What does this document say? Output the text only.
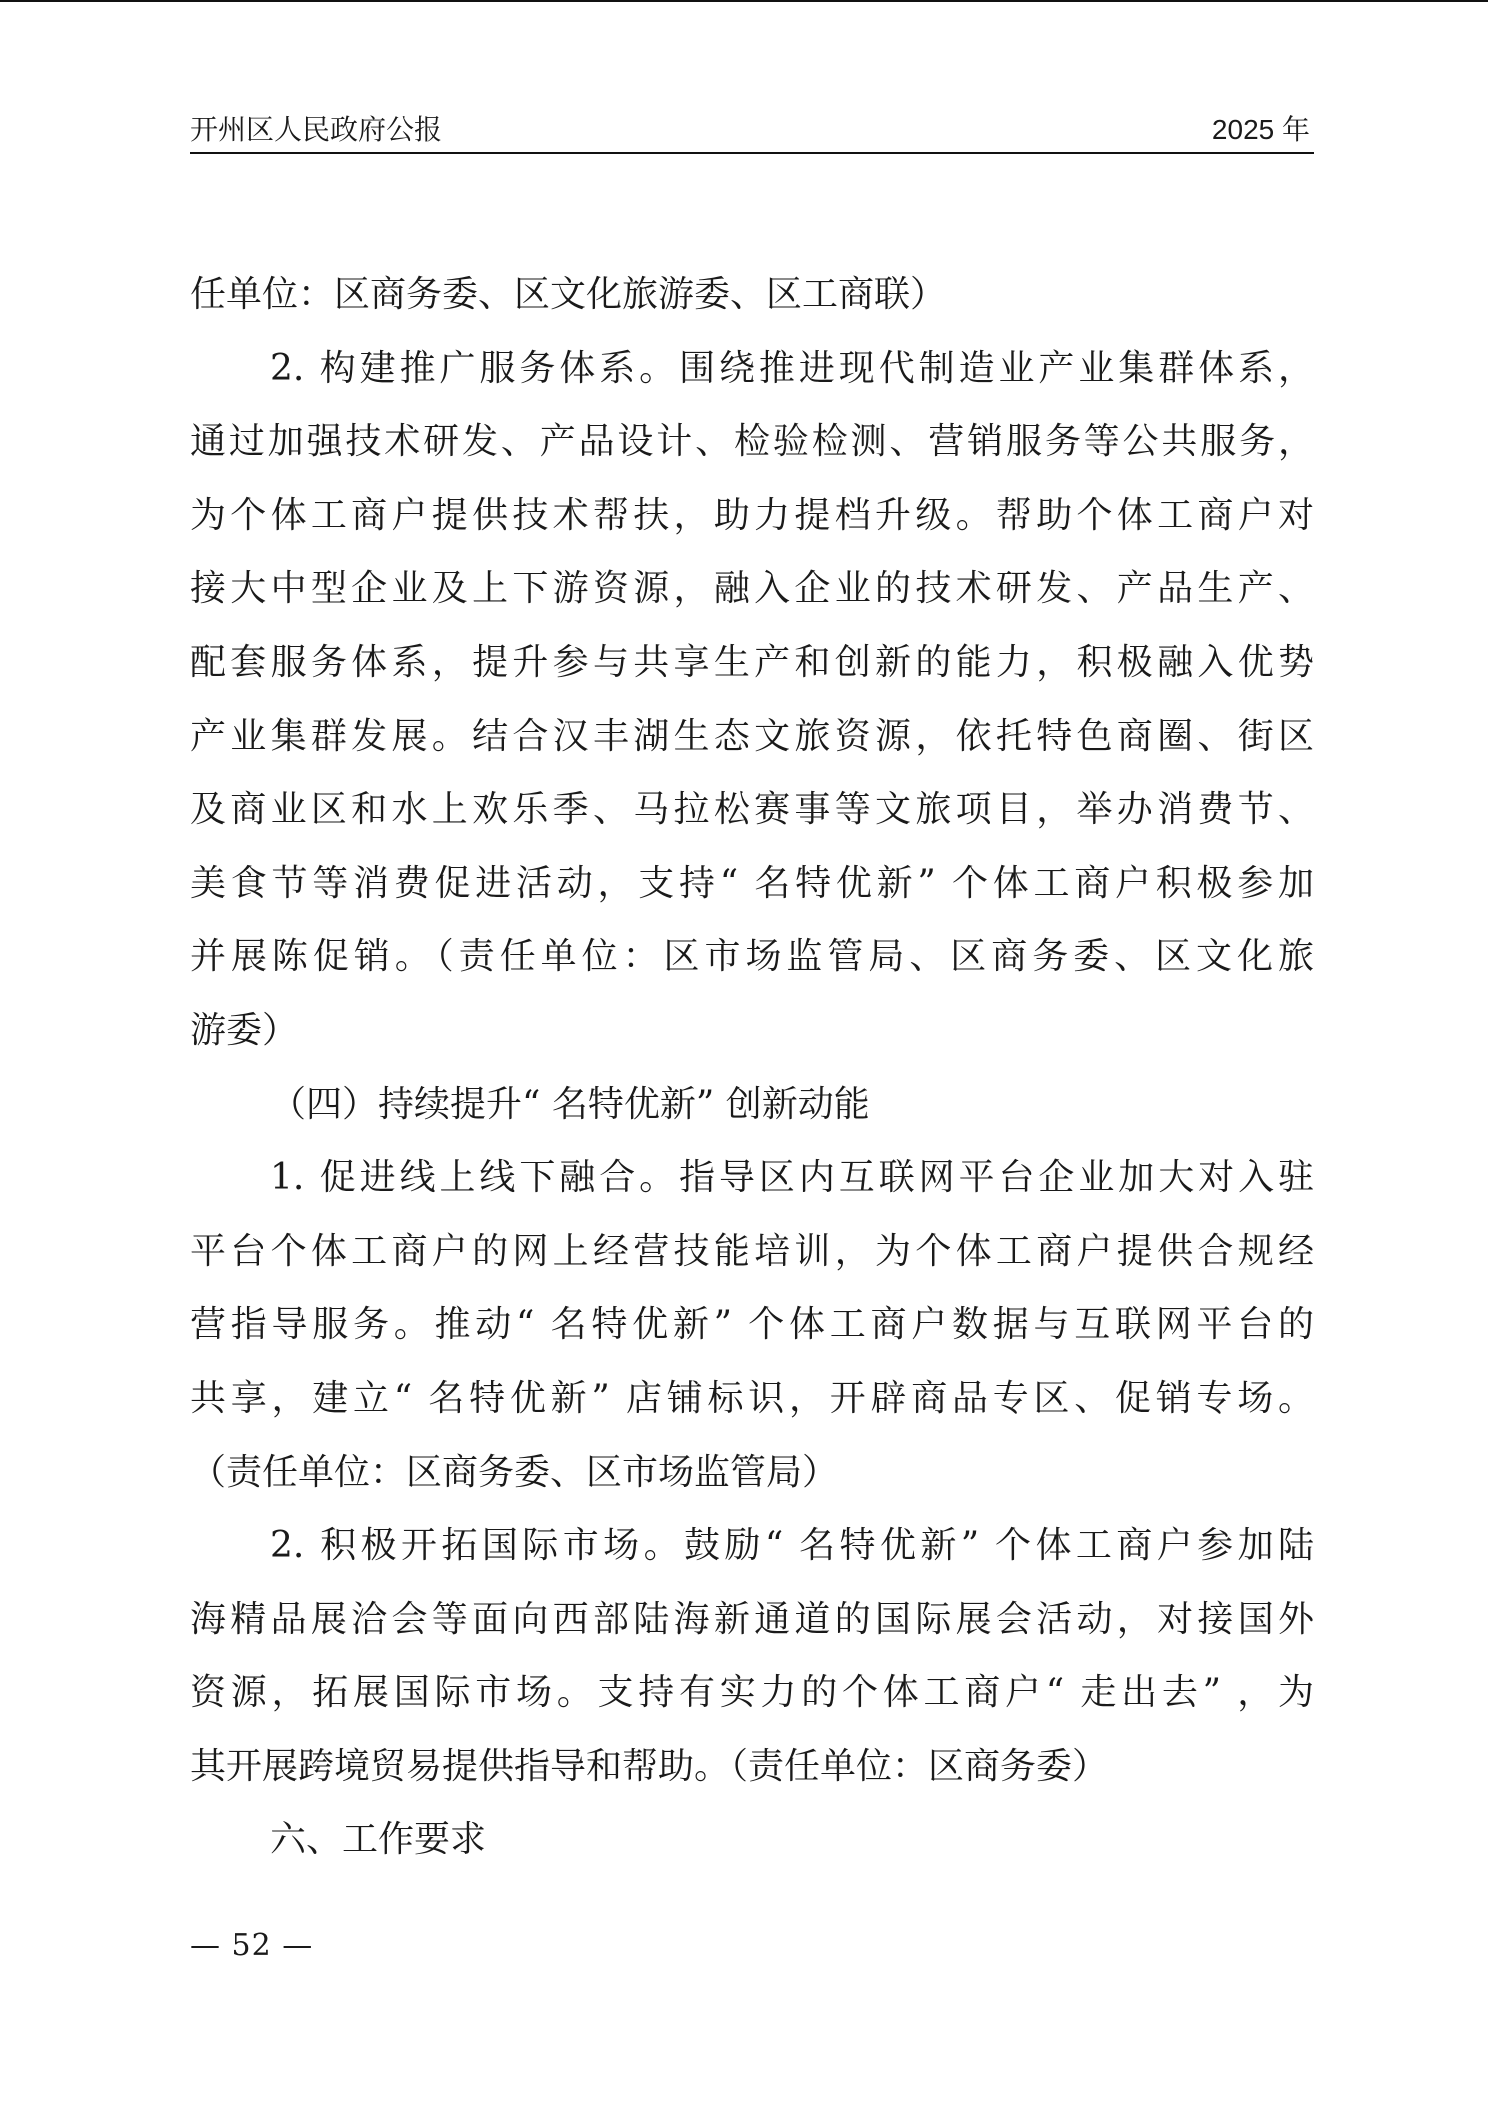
开州区人民政府公报	2025 年
任单位：区商务委、区文化旅游委、区工商联）
2. 构建推广服务体系。围绕推进现代制造业产业集群体系，
通过加强技术研发、产品设计、检验检测、营销服务等公共服务，
为个体工商户提供技术帮扶，助力提档升级。帮助个体工商户对
接大中型企业及上下游资源，融入企业的技术研发、产品生产、
配套服务体系，提升参与共享生产和创新的能力，积极融入优势
产业集群发展。结合汉丰湖生态文旅资源，依托特色商圈、街区
及商业区和水上欢乐季、马拉松赛事等文旅项目，举办消费节、
美食节等消费促进活动，支持“ 名特优新” 个体工商户积极参加
并展陈促销。（责任单位：区市场监管局、区商务委、区文化旅
游委）
（四）持续提升“ 名特优新” 创新动能
1. 促进线上线下融合。指导区内互联网平台企业加大对入驻
平台个体工商户的网上经营技能培训，为个体工商户提供合规经
营指导服务。推动“ 名特优新” 个体工商户数据与互联网平台的
共享，建立“ 名特优新” 店铺标识，开辟商品专区、促销专场。
（责任单位：区商务委、区市场监管局）
2. 积极开拓国际市场。鼓励“ 名特优新” 个体工商户参加陆
海精品展洽会等面向西部陆海新通道的国际展会活动，对接国外
资源，拓展国际市场。支持有实力的个体工商户“ 走出去” ，为
其开展跨境贸易提供指导和帮助。（责任单位：区商务委）
六、工作要求
— 52 —
